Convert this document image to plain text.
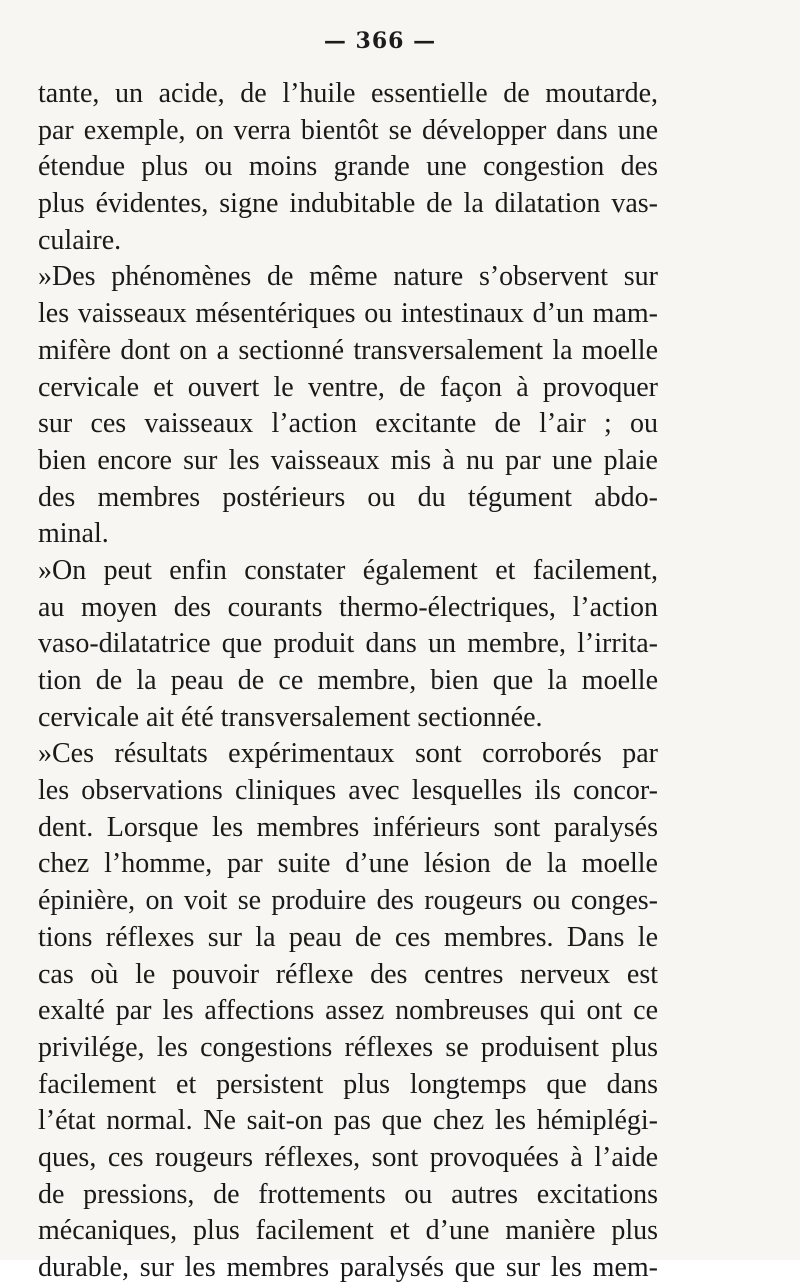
— 366 —
tante, un acide, de l’huile essentielle de moutarde,
par exemple, on verra bientôt se développer dans une
étendue plus ou moins grande une congestion des
plus évidentes, signe indubitable de la dilatation vas-
culaire.
»Des phénomènes de même nature s’observent sur
les vaisseaux mésentériques ou intestinaux d’un mam-
mifère dont on a sectionné transversalement la moelle
cervicale et ouvert le ventre, de façon à provoquer
sur ces vaisseaux l’action excitante de l’air ; ou
bien encore sur les vaisseaux mis à nu par une plaie
des membres postérieurs ou du tégument abdo-
minal.
»On peut enfin constater également et facilement,
au moyen des courants thermo-électriques, l’action
vaso-dilatatrice que produit dans un membre, l’irrita-
tion de la peau de ce membre, bien que la moelle
cervicale ait été transversalement sectionnée.
»Ces résultats expérimentaux sont corroborés par
les observations cliniques avec lesquelles ils concor-
dent. Lorsque les membres inférieurs sont paralysés
chez l’homme, par suite d’une lésion de la moelle
épinière, on voit se produire des rougeurs ou conges-
tions réflexes sur la peau de ces membres. Dans le
cas où le pouvoir réflexe des centres nerveux est
exalté par les affections assez nombreuses qui ont ce
privilége, les congestions réflexes se produisent plus
facilement et persistent plus longtemps que dans
l’état normal. Ne sait-on pas que chez les hémiplégi-
ques, ces rougeurs réflexes, sont provoquées à l’aide
de pressions, de frottements ou autres excitations
mécaniques, plus facilement et d’une manière plus
durable, sur les membres paralysés que sur les mem-
